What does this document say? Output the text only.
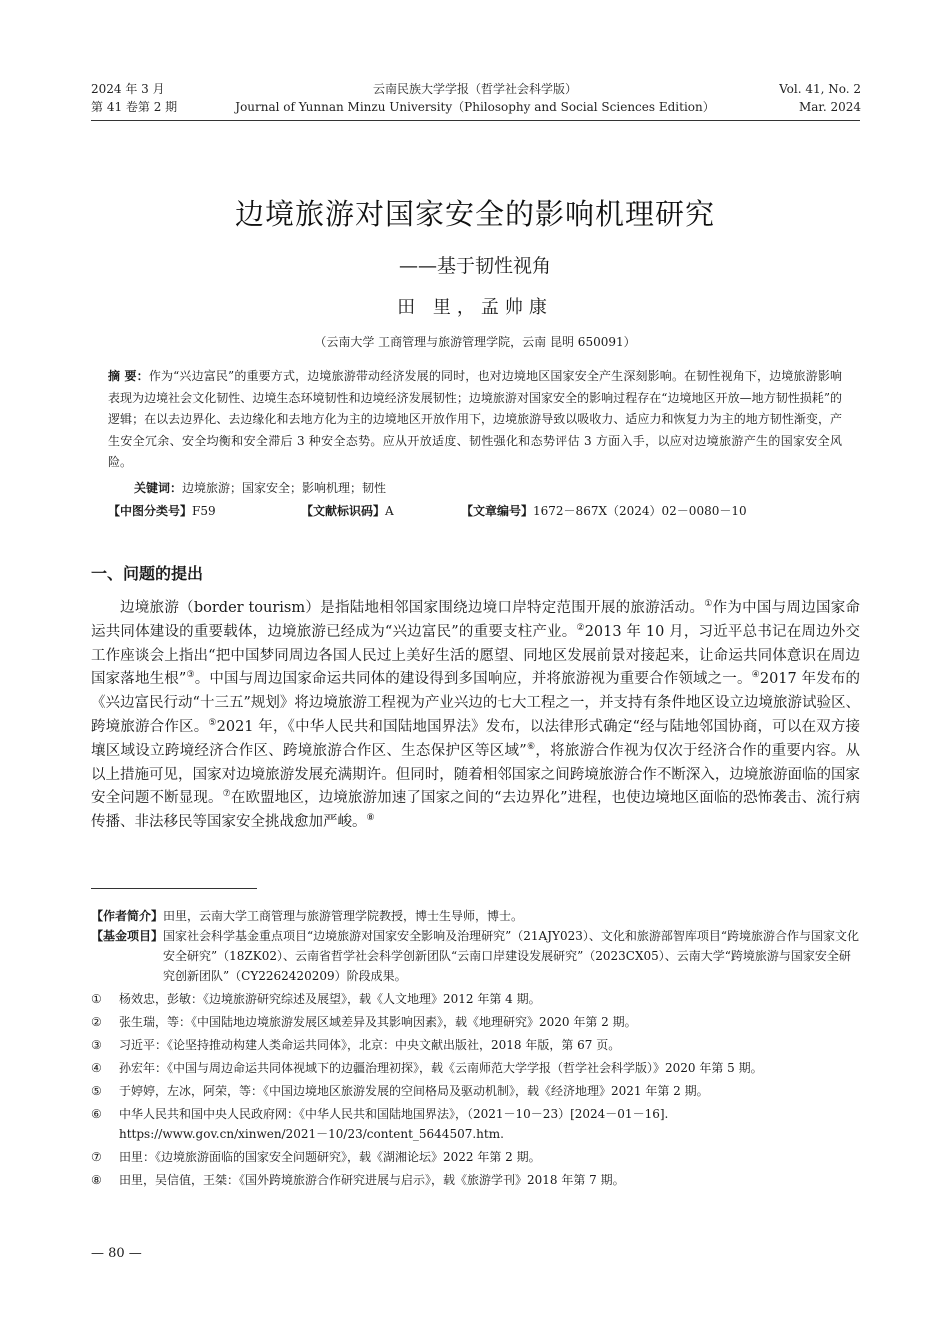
2024 年 3 月
第 41 卷第 2 期
云南民族大学学报（哲学社会科学版）
Journal of Yunnan Minzu University（Philosophy and Social Sciences Edition）
Vol. 41, No. 2
Mar. 2024
边境旅游对国家安全的影响机理研究
——基于韧性视角
田 里，孟帅康
（云南大学 工商管理与旅游管理学院，云南 昆明 650091）
摘 要：作为“兴边富民”的重要方式，边境旅游带动经济发展的同时，也对边境地区国家安全产生深刻影响。在韧性视角下，边境旅游影响表现为边境社会文化韧性、边境生态环境韧性和边境经济发展韧性；边境旅游对国家安全的影响过程存在“边境地区开放—地方韧性损耗”的逻辑；在以去边界化、去边缘化和去地方化为主的边境地区开放作用下，边境旅游导致以吸收力、适应力和恢复力为主的地方韧性渐变，产生安全冗余、安全均衡和安全滞后 3 种安全态势。应从开放适度、韧性强化和态势评估 3 方面入手，以应对边境旅游产生的国家安全风险。
关键词：边境旅游；国家安全；影响机理；韧性
【中图分类号】F59	【文献标识码】A	【文章编号】1672－867X（2024）02－0080－10
一、问题的提出
边境旅游（border tourism）是指陆地相邻国家围绕边境口岸特定范围开展的旅游活动。①作为中国与周边国家命运共同体建设的重要载体，边境旅游已经成为“兴边富民”的重要支柱产业。②2013 年 10 月，习近平总书记在周边外交工作座谈会上指出“把中国梦同周边各国人民过上美好生活的愿望、同地区发展前景对接起来，让命运共同体意识在周边国家落地生根”③。中国与周边国家命运共同体的建设得到多国响应，并将旅游视为重要合作领域之一。④2017 年发布的《兴边富民行动“十三五”规划》将边境旅游工程视为产业兴边的七大工程之一，并支持有条件地区设立边境旅游试验区、跨境旅游合作区。⑤2021 年，《中华人民共和国陆地国界法》发布，以法律形式确定“经与陆地邻国协商，可以在双方接壤区域设立跨境经济合作区、跨境旅游合作区、生态保护区等区域”⑥，将旅游合作视为仅次于经济合作的重要内容。从以上措施可见，国家对边境旅游发展充满期许。但同时，随着相邻国家之间跨境旅游合作不断深入，边境旅游面临的国家安全问题不断显现。⑦在欧盟地区，边境旅游加速了国家之间的“去边界化”进程，也使边境地区面临的恐怖袭击、流行病传播、非法移民等国家安全挑战愈加严峻。⑧
【作者简介】 田里，云南大学工商管理与旅游管理学院教授，博士生导师，博士。
【基金项目】 国家社会科学基金重点项目“边境旅游对国家安全影响及治理研究”（21AJY023）、文化和旅游部智库项目“跨境旅游合作与国家文化安全研究”（18ZK02）、云南省哲学社会科学创新团队“云南口岸建设发展研究”（2023CX05）、云南大学“跨境旅游与国家安全研究创新团队”（CY2262420209）阶段成果。
①	杨效忠，彭敏：《边境旅游研究综述及展望》，载《人文地理》2012 年第 4 期。
②	张生瑞，等：《中国陆地边境旅游发展区域差异及其影响因素》，载《地理研究》2020 年第 2 期。
③	习近平：《论坚持推动构建人类命运共同体》，北京：中央文献出版社，2018 年版，第 67 页。
④	孙宏年：《中国与周边命运共同体视域下的边疆治理初探》，载《云南师范大学学报（哲学社会科学版）》2020 年第 5 期。
⑤	于婷婷，左冰，阿荣，等：《中国边境地区旅游发展的空间格局及驱动机制》，载《经济地理》2021 年第 2 期。
⑥	中华人民共和国中央人民政府网：《中华人民共和国陆地国界法》，（2021－10－23）[2024－01－16]. https://www.gov.cn/xinwen/2021－10/23/content_5644507.htm.
⑦	田里：《边境旅游面临的国家安全问题研究》，载《湖湘论坛》2022 年第 2 期。
⑧	田里，吴信值，王桀：《国外跨境旅游合作研究进展与启示》，载《旅游学刊》2018 年第 7 期。
— 80 —
